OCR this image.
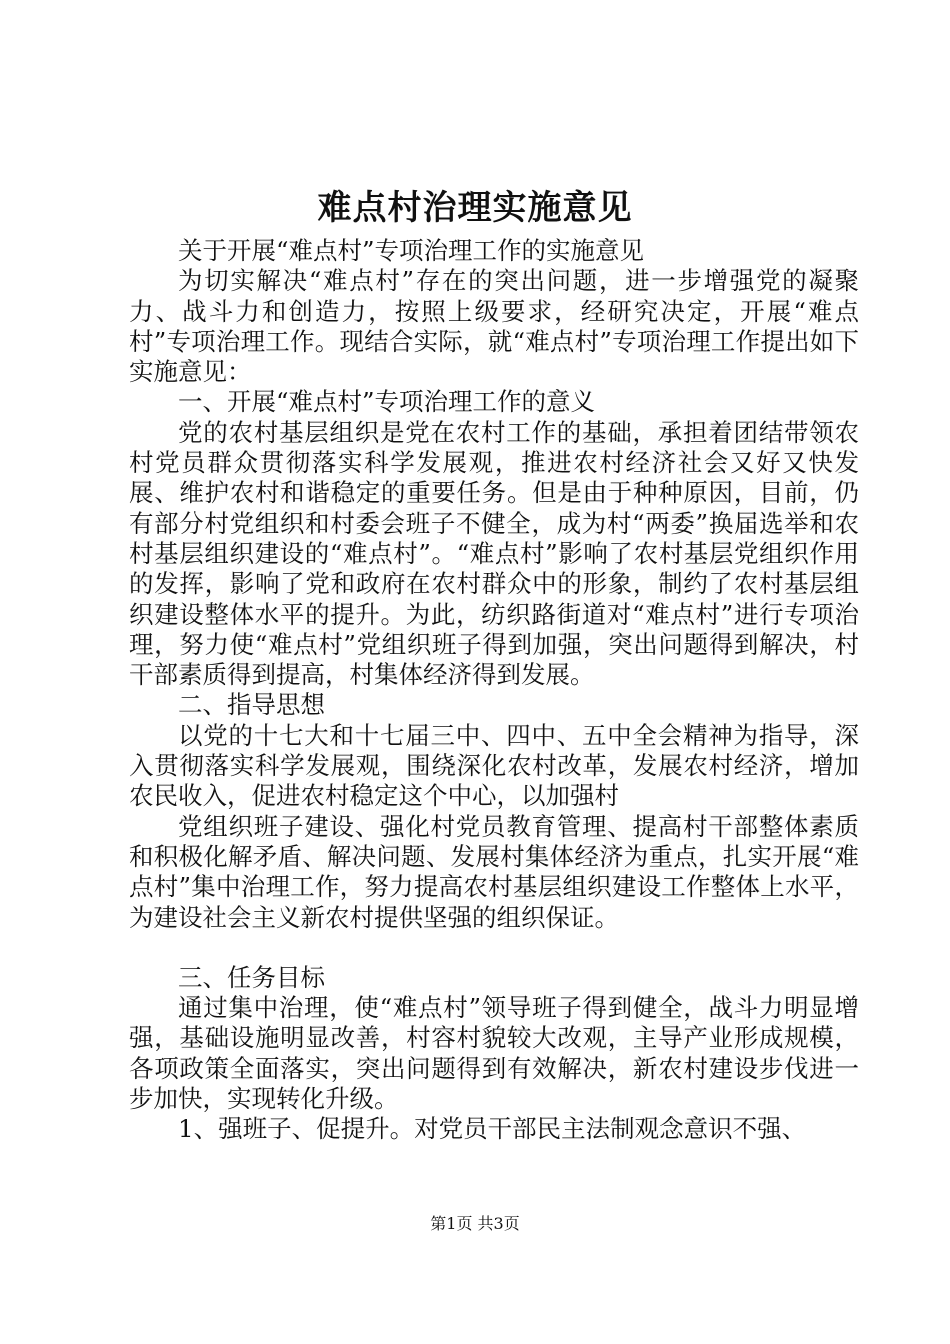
难点村治理实施意见

关于开展“难点村”专项治理工作的实施意见

为切实解决“难点村”存在的突出问题，进一步增强党的凝聚力、战斗力和创造力，按照上级要求，经研究决定，开展“难点村”专项治理工作。现结合实际，就“难点村”专项治理工作提出如下实施意见：

一、开展“难点村”专项治理工作的意义

党的农村基层组织是党在农村工作的基础，承担着团结带领农村党员群众贯彻落实科学发展观，推进农村经济社会又好又快发展、维护农村和谐稳定的重要任务。但是由于种种原因，目前，仍有部分村党组织和村委会班子不健全，成为村“两委”换届选举和农村基层组织建设的“难点村”。“难点村”影响了农村基层党组织作用的发挥，影响了党和政府在农村群众中的形象，制约了农村基层组织建设整体水平的提升。为此，纺织路街道对“难点村”进行专项治理，努力使“难点村”党组织班子得到加强，突出问题得到解决，村干部素质得到提高，村集体经济得到发展。

二、指导思想

以党的十七大和十七届三中、四中、五中全会精神为指导，深入贯彻落实科学发展观，围绕深化农村改革，发展农村经济，增加农民收入，促进农村稳定这个中心，以加强村

党组织班子建设、强化村党员教育管理、提高村干部整体素质和积极化解矛盾、解决问题、发展村集体经济为重点，扎实开展“难点村”集中治理工作，努力提高农村基层组织建设工作整体上水平，为建设社会主义新农村提供坚强的组织保证。

三、任务目标

通过集中治理，使“难点村”领导班子得到健全，战斗力明显增强，基础设施明显改善，村容村貌较大改观，主导产业形成规模，各项政策全面落实，突出问题得到有效解决，新农村建设步伐进一步加快，实现转化升级。

1、强班子、促提升。对党员干部民主法制观念意识不强、

第1页 共3页
